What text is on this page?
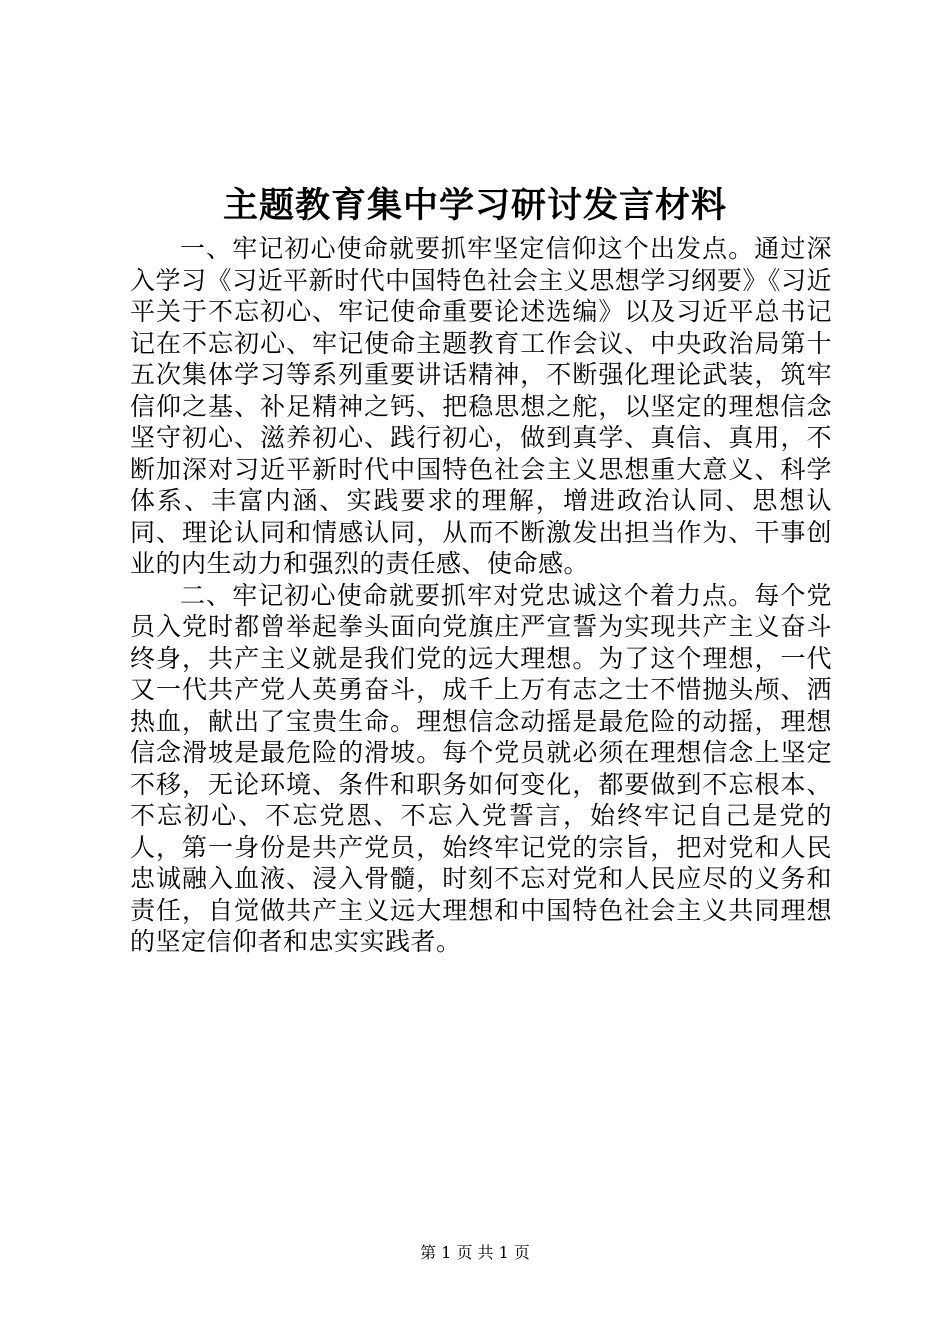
主题教育集中学习研讨发言材料

一、牢记初心使命就要抓牢坚定信仰这个出发点。通过深入学习《习近平新时代中国特色社会主义思想学习纲要》《习近平关于不忘初心、牢记使命重要论述选编》以及习近平总书记记在不忘初心、牢记使命主题教育工作会议、中央政治局第十五次集体学习等系列重要讲话精神，不断强化理论武装，筑牢信仰之基、补足精神之钙、把稳思想之舵，以坚定的理想信念坚守初心、滋养初心、践行初心，做到真学、真信、真用，不断加深对习近平新时代中国特色社会主义思想重大意义、科学体系、丰富内涵、实践要求的理解，增进政治认同、思想认同、理论认同和情感认同，从而不断激发出担当作为、干事创业的内生动力和强烈的责任感、使命感。

二、牢记初心使命就要抓牢对党忠诚这个着力点。每个党员入党时都曾举起拳头面向党旗庄严宣誓为实现共产主义奋斗终身，共产主义就是我们党的远大理想。为了这个理想，一代又一代共产党人英勇奋斗，成千上万有志之士不惜抛头颅、洒热血，献出了宝贵生命。理想信念动摇是最危险的动摇，理想信念滑坡是最危险的滑坡。每个党员就必须在理想信念上坚定不移，无论环境、条件和职务如何变化，都要做到不忘根本、不忘初心、不忘党恩、不忘入党誓言，始终牢记自己是党的人，第一身份是共产党员，始终牢记党的宗旨，把对党和人民忠诚融入血液、浸入骨髓，时刻不忘对党和人民应尽的义务和责任，自觉做共产主义远大理想和中国特色社会主义共同理想的坚定信仰者和忠实实践者。

第 1 页 共 1 页
